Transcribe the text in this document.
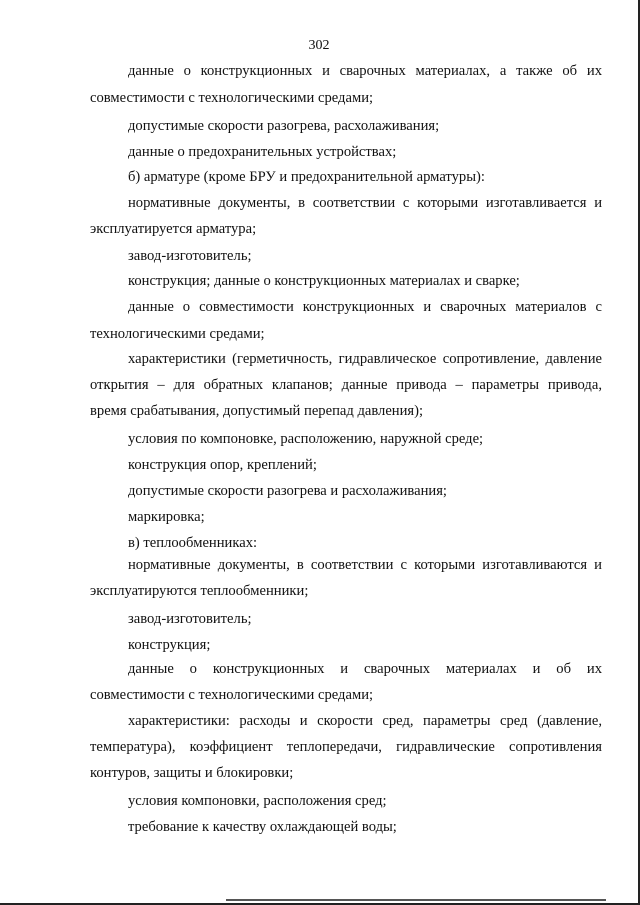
302
данные о конструкционных и сварочных материалах, а также об их
совместимости с технологическими средами;
допустимые скорости разогрева, расхолаживания;
данные о предохранительных устройствах;
б) арматуре (кроме БРУ и предохранительной арматуры):
нормативные документы, в соответствии с которыми изготавливается и
эксплуатируется арматура;
завод-изготовитель;
конструкция; данные о конструкционных материалах и сварке;
данные о совместимости конструкционных и сварочных материалов с
технологическими средами;
характеристики (герметичность, гидравлическое сопротивление, давление
открытия – для обратных клапанов; данные привода – параметры привода,
время срабатывания, допустимый перепад давления);
условия по компоновке, расположению, наружной среде;
конструкция опор, креплений;
допустимые скорости разогрева и расхолаживания;
маркировка;
в) теплообменниках:
нормативные документы, в соответствии с которыми изготавливаются и
эксплуатируются теплообменники;
завод-изготовитель;
конструкция;
данные о конструкционных и сварочных материалах и об их
совместимости с технологическими средами;
характеристики: расходы и скорости сред, параметры сред (давление,
температура), коэффициент теплопередачи, гидравлические сопротивления
контуров, защиты и блокировки;
условия компоновки, расположения сред;
требование к качеству охлаждающей воды;
